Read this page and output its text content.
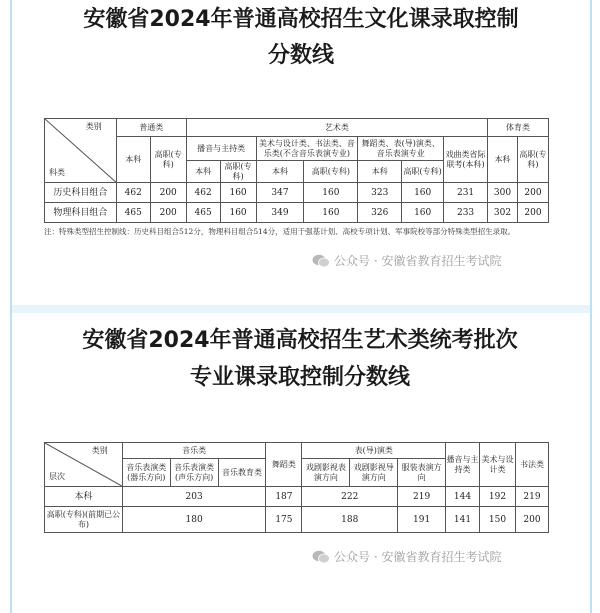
安徽省2024年普通高校招生文化课录取控制
分数线
类别
科类	普通类		艺术类							体育类	
	本科	高职(专科)	播音与主持类		美术与设计类、书法类、音乐类(不含音乐表演专业)		舞蹈类、表(导)演类、音乐表演专业		戏曲类省际联考(本科)	本科	高职(专科)
			本科	高职(专科)	本科	高职(专科)	本科	高职(专科)			
历史科目组合	462	200	462	160	347	160	323	160	231	300	200
物理科目组合	465	200	465	160	349	160	326	160	233	302	200
注：特殊类型招生控制线：历史科目组合512分，物理科目组合514分，适用于强基计划、高校专项计划、军事院校等部分特殊类型招生录取。
公众号 · 安徽省教育招生考试院
安徽省2024年普通高校招生艺术类统考批次
专业课录取控制分数线
类别
层次	音乐类			舞蹈类	表(导)演类			播音与主持类	美术与设计类	书法类
	音乐表演类(器乐方向)	音乐表演类(声乐方向)	音乐教育类		戏剧影视表演方向	戏剧影视导演方向	服装表演方向			
本科	203			187	222		219	144	192	219
高职(专科)(前期已公布)	180			175	188		191	141	150	200
公众号 · 安徽省教育招生考试院
